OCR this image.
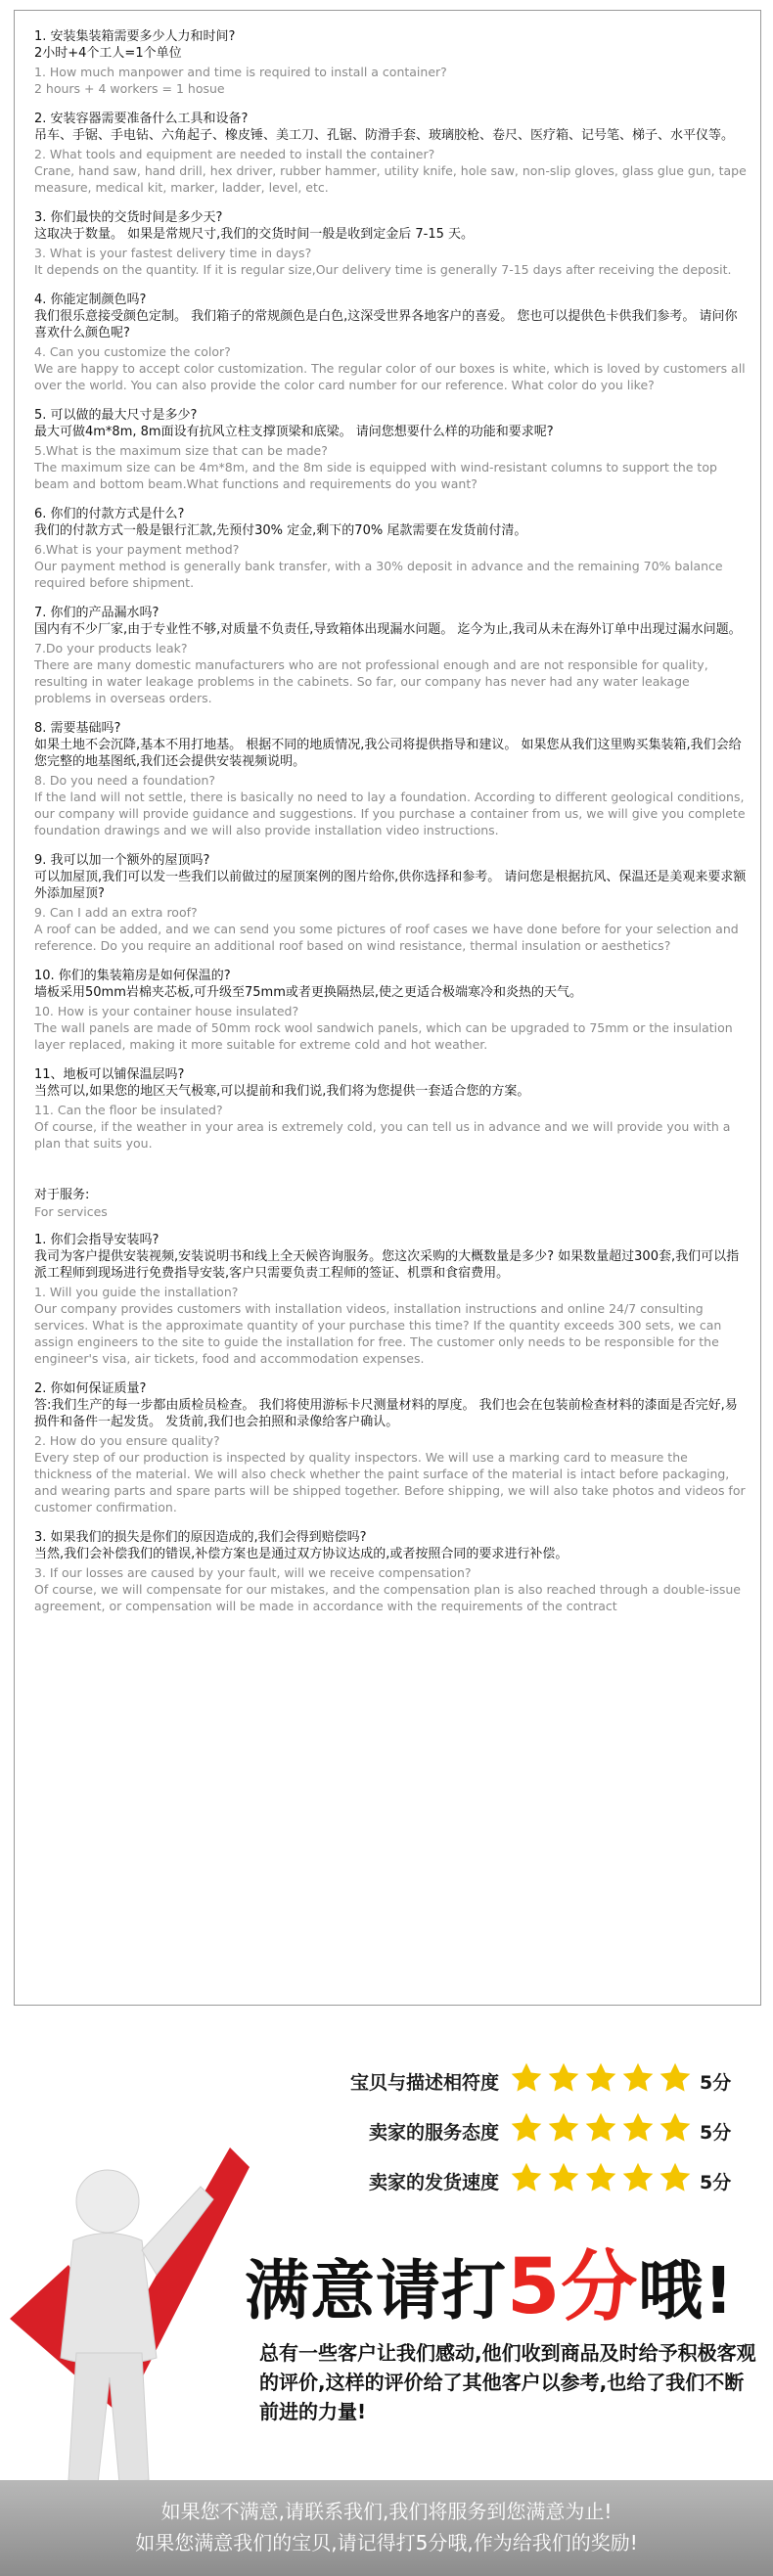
1. 安装集装箱需要多少人力和时间?
2小时+4个工人=1个单位
1. How much manpower and time is required to install a container?
2 hours + 4 workers = 1 hosue
2. 安装容器需要准备什么工具和设备?
吊车、手锯、手电钻、六角起子、橡皮锤、美工刀、孔锯、防滑手套、玻璃胶枪、卷尺、医疗箱、记号笔、梯子、水平仪等。
2. What tools and equipment are needed to install the container?
Crane, hand saw, hand drill, hex driver, rubber hammer, utility knife, hole saw, non-slip gloves, glass glue gun, tape measure, medical kit, marker, ladder, level, etc.
3. 你们最快的交货时间是多少天?
这取决于数量。 如果是常规尺寸,我们的交货时间一般是收到定金后 7-15 天。
3. What is your fastest delivery time in days?
It depends on the quantity. If it is regular size,Our delivery time is generally 7-15 days after receiving the deposit.
4. 你能定制颜色吗?
我们很乐意接受颜色定制。 我们箱子的常规颜色是白色,这深受世界各地客户的喜爱。 您也可以提供色卡供我们参考。 请问你喜欢什么颜色呢?
4. Can you customize the color?
We are happy to accept color customization. The regular color of our boxes is white, which is loved by customers all over the world. You can also provide the color card number for our reference. What color do you like?
5. 可以做的最大尺寸是多少?
最大可做4m*8m, 8m面设有抗风立柱支撑顶梁和底梁。 请问您想要什么样的功能和要求呢?
5.What is the maximum size that can be made?
The maximum size can be 4m*8m, and the 8m side is equipped with wind-resistant columns to support the top beam and bottom beam.What functions and requirements do you want?
6. 你们的付款方式是什么?
我们的付款方式一般是银行汇款,先预付30% 定金,剩下的70% 尾款需要在发货前付清。
6.What is your payment method?
Our payment method is generally bank transfer, with a 30% deposit in advance and the remaining 70% balance required before shipment.
7. 你们的产品漏水吗?
国内有不少厂家,由于专业性不够,对质量不负责任,导致箱体出现漏水问题。 迄今为止,我司从未在海外订单中出现过漏水问题。
7.Do your products leak?
There are many domestic manufacturers who are not professional enough and are not responsible for quality, resulting in water leakage problems in the cabinets. So far, our company has never had any water leakage problems in overseas orders.
8. 需要基础吗?
如果土地不会沉降,基本不用打地基。 根据不同的地质情况,我公司将提供指导和建议。 如果您从我们这里购买集装箱,我们会给您完整的地基图纸,我们还会提供安装视频说明。
8. Do you need a foundation?
If the land will not settle, there is basically no need to lay a foundation. According to different geological conditions, our company will provide guidance and suggestions. If you purchase a container from us, we will give you complete foundation drawings and we will also provide installation video instructions.
9. 我可以加一个额外的屋顶吗?
可以加屋顶,我们可以发一些我们以前做过的屋顶案例的图片给你,供你选择和参考。 请问您是根据抗风、保温还是美观来要求额外添加屋顶?
9. Can I add an extra roof?
A roof can be added, and we can send you some pictures of roof cases we have done before for your selection and reference. Do you require an additional roof based on wind resistance, thermal insulation or aesthetics?
10. 你们的集装箱房是如何保温的?
墙板采用50mm岩棉夹芯板,可升级至75mm或者更换隔热层,使之更适合极端寒冷和炎热的天气。
10. How is your container house insulated?
The wall panels are made of 50mm rock wool sandwich panels, which can be upgraded to 75mm or the insulation layer replaced, making it more suitable for extreme cold and hot weather.
11、地板可以铺保温层吗?
当然可以,如果您的地区天气极寒,可以提前和我们说,我们将为您提供一套适合您的方案。
11. Can the floor be insulated?
Of course, if the weather in your area is extremely cold, you can tell us in advance and we will provide you with a plan that suits you.
对于服务:
For services
1. 你们会指导安装吗?
我司为客户提供安装视频,安装说明书和线上全天候咨询服务。您这次采购的大概数量是多少? 如果数量超过300套,我们可以指派工程师到现场进行免费指导安装,客户只需要负责工程师的签证、机票和食宿费用。
1. Will you guide the installation?
Our company provides customers with installation videos, installation instructions and online 24/7 consulting services. What is the approximate quantity of your purchase this time? If the quantity exceeds 300 sets, we can assign engineers to the site to guide the installation for free. The customer only needs to be responsible for the engineer's visa, air tickets, food and accommodation expenses.
2. 你如何保证质量?
答:我们生产的每一步都由质检员检查。 我们将使用游标卡尺测量材料的厚度。 我们也会在包装前检查材料的漆面是否完好,易损件和备件一起发货。 发货前,我们也会拍照和录像给客户确认。
2. How do you ensure quality?
Every step of our production is inspected by quality inspectors. We will use a marking card to measure the thickness of the material. We will also check whether the paint surface of the material is intact before packaging, and wearing parts and spare parts will be shipped together. Before shipping, we will also take photos and videos for customer confirmation.
3. 如果我们的损失是你们的原因造成的,我们会得到赔偿吗?
当然,我们会补偿我们的错误,补偿方案也是通过双方协议达成的,或者按照合同的要求进行补偿。
3. If our losses are caused by your fault, will we receive compensation?
Of course, we will compensate for our mistakes, and the compensation plan is also reached through a double-issue agreement, or compensation will be made in accordance with the requirements of the contract
宝贝与描述相符度	5分
卖家的服务态度	5分
卖家的发货速度	5分
满意请打5分哦!
总有一些客户让我们感动,他们收到商品及时给予积极客观的评价,这样的评价给了其他客户以参考,也给了我们不断前进的力量!
如果您不满意,请联系我们,我们将服务到您满意为止!
如果您满意我们的宝贝,请记得打5分哦,作为给我们的奖励!
